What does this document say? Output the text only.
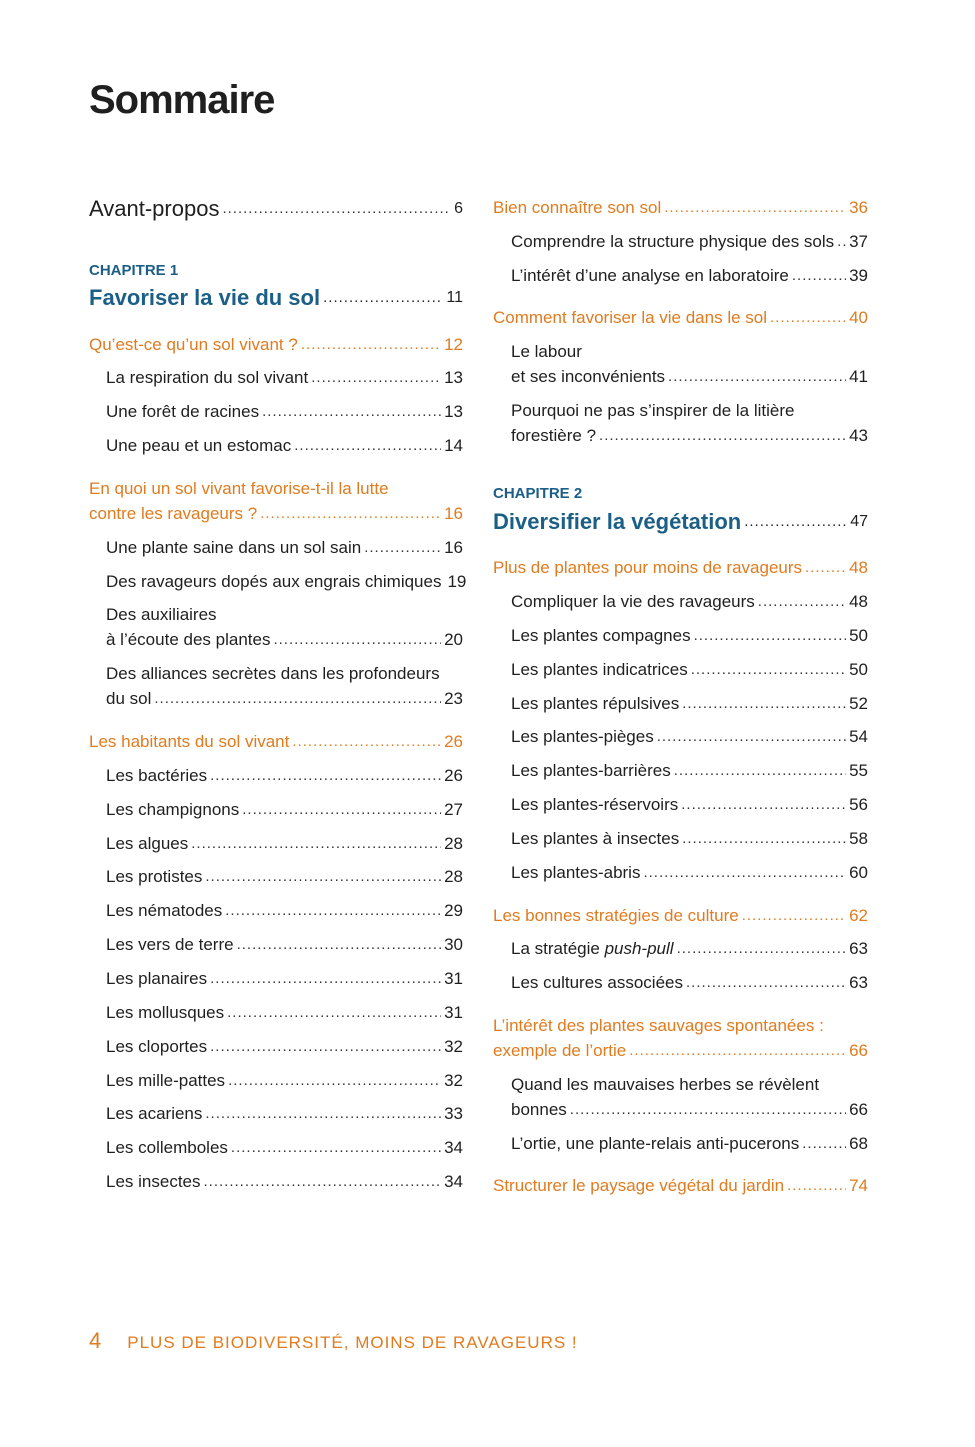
Sommaire
Avant-propos .....	6
CHAPITRE 1
Favoriser la vie du sol .....	11
Qu’est-ce qu’un sol vivant ? .....	12
La respiration du sol vivant .....	13
Une forêt de racines .....	13
Une peau et un estomac .....	14
En quoi un sol vivant favorise-t-il la lutte
contre les ravageurs ? .....	16
Une plante saine dans un sol sain .....	16
Des ravageurs dopés aux engrais chimiques 19
Des auxiliaires
à l’écoute des plantes .....	20
Des alliances secrètes dans les profondeurs
du sol .....	23
Les habitants du sol vivant .....	26
Les bactéries .....	26
Les champignons .....	27
Les algues .....	28
Les protistes .....	28
Les nématodes .....	29
Les vers de terre .....	30
Les planaires .....	31
Les mollusques .....	31
Les cloportes .....	32
Les mille-pattes .....	32
Les acariens .....	33
Les collemboles .....	34
Les insectes .....	34
Bien connaître son sol .....	36
Comprendre la structure physique des sols ..... 37
L’intérêt d’une analyse en laboratoire .....	39
Comment favoriser la vie dans le sol .....	40
Le labour
et ses inconvénients .....	41
Pourquoi ne pas s’inspirer de la litière
forestière ? .....	43
CHAPITRE 2
Diversifier la végétation .....	47
Plus de plantes pour moins de ravageurs .....	48
Compliquer la vie des ravageurs .....	48
Les plantes compagnes .....	50
Les plantes indicatrices .....	50
Les plantes répulsives .....	52
Les plantes-pièges .....	54
Les plantes-barrières .....	55
Les plantes-réservoirs .....	56
Les plantes à insectes .....	58
Les plantes-abris .....	60
Les bonnes stratégies de culture .....	62
La stratégie push-pull .....	63
Les cultures associées .....	63
L’intérêt des plantes sauvages spontanées :
exemple de l’ortie .....	66
Quand les mauvaises herbes se révèlent
bonnes .....	66
L’ortie, une plante-relais anti-pucerons .....	68
Structurer le paysage végétal du jardin .....	74
4 PLUS DE BIODIVERSITÉ, MOINS DE RAVAGEURS !
